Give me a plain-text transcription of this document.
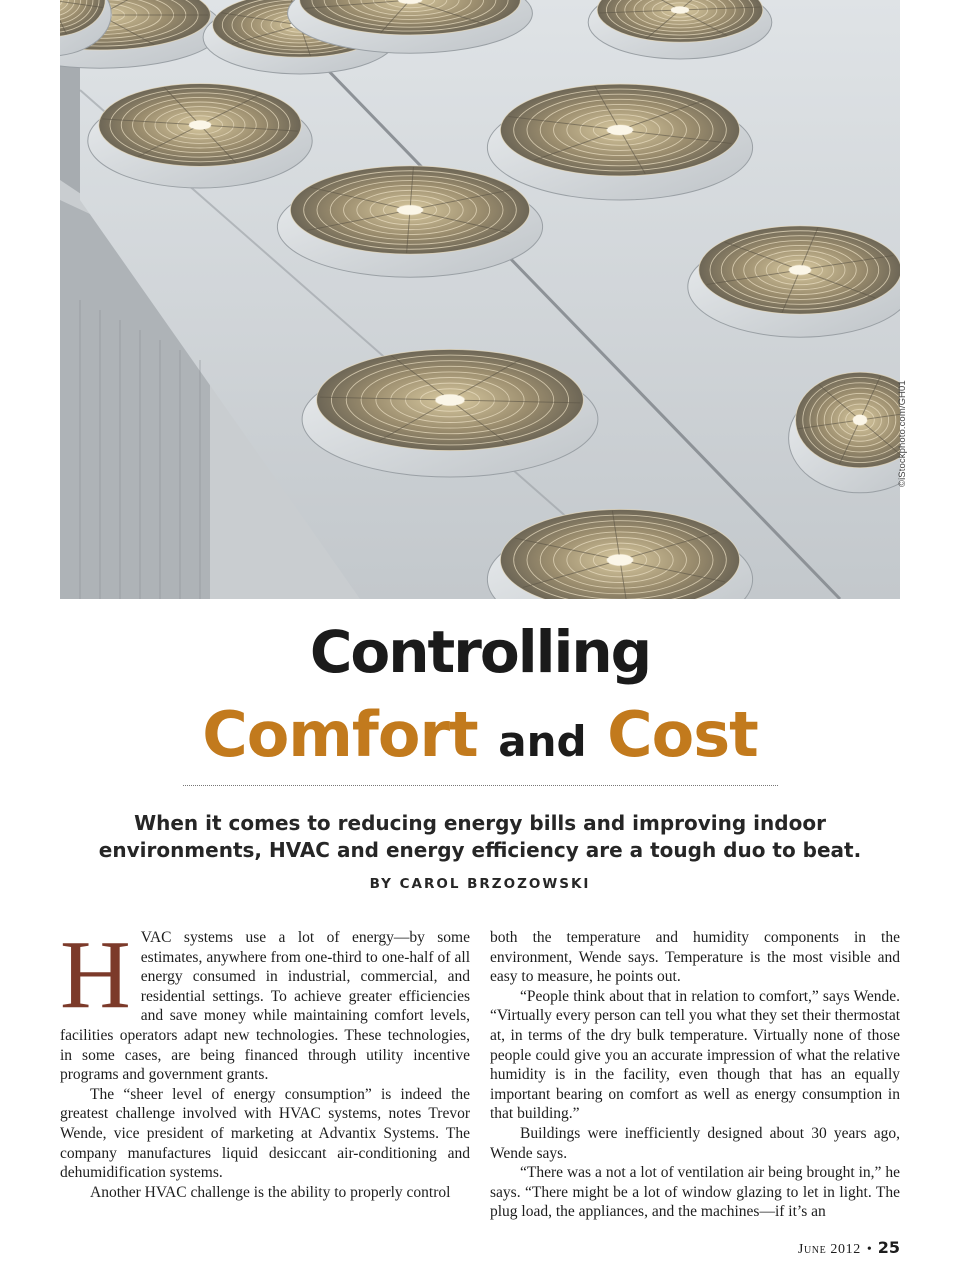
©iStockphoto.com/GH01
Controlling
Comfort and Cost

When it comes to reducing energy bills and improving indoor environments, HVAC and energy efficiency are a tough duo to beat.

BY CAROL BRZOZOWSKI

HVAC systems use a lot of energy—by some estimates, anywhere from one-third to one-half of all energy consumed in industrial, commercial, and residential settings. To achieve greater efficiencies and save money while maintaining comfort levels, facilities operators adapt new technologies. These technologies, in some cases, are being financed through utility incentive programs and government grants.

The “sheer level of energy consumption” is indeed the greatest challenge involved with HVAC systems, notes Trevor Wende, vice president of marketing at Advantix Systems. The company manufactures liquid desiccant air-conditioning and dehumidification systems.

Another HVAC challenge is the ability to properly control

both the temperature and humidity components in the environment, Wende says. Temperature is the most visible and easy to measure, he points out.

“People think about that in relation to comfort,” says Wende. “Virtually every person can tell you what they set their thermostat at, in terms of the dry bulk temperature. Virtually none of those people could give you an accurate impression of what the relative humidity is in the facility, even though that has an equally important bearing on comfort as well as energy consumption in that building.”

Buildings were inefficiently designed about 30 years ago, Wende says.

“There was a not a lot of ventilation air being brought in,” he says. “There might be a lot of window glazing to let in light. The plug load, the appliances, and the machines—if it’s an

June 2012 • 25
